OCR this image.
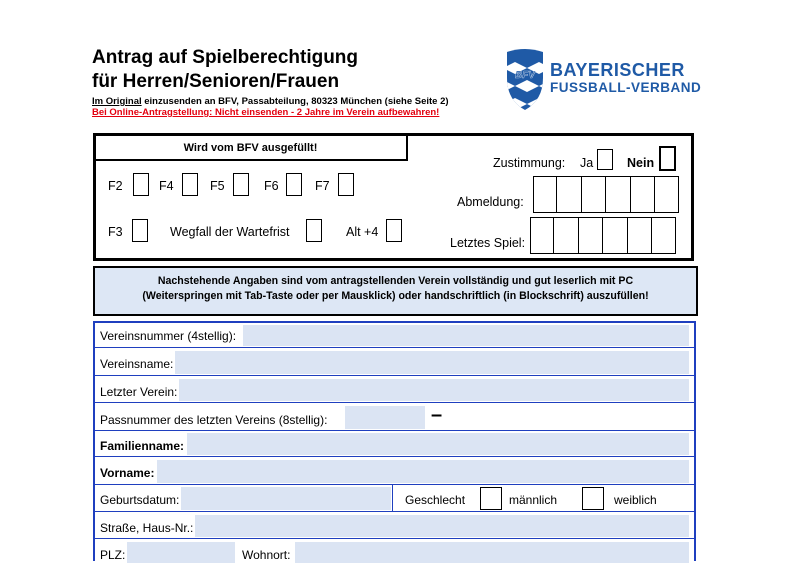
Antrag auf Spielberechtigung
für Herren/Senioren/Frauen
Im Original einzusenden an BFV, Passabteilung, 80323 München (siehe Seite 2)
Bei Online-Antragstellung: Nicht einsenden - 2 Jahre im Verein aufbewahren!
BFV BAYERISCHER
FUSSBALL-VERBAND
Wird vom BFV ausgefüllt!
F2	F4	F5	F6	F7
F3	Wegfall der Wartefrist	Alt +4
Zustimmung: Ja	Nein
Abmeldung:
Letztes Spiel:
Nachstehende Angaben sind vom antragstellenden Verein vollständig und gut leserlich mit PC
(Weiterspringen mit Tab-Taste oder per Mausklick) oder handschriftlich (in Blockschrift) auszufüllen!
Vereinsnummer (4stellig):
Vereinsname:
Letzter Verein:
Passnummer des letzten Vereins (8stellig):	–
Familienname:
Vorname:
Geburtsdatum:	Geschlecht	männlich	weiblich
Straße, Haus-Nr.:
PLZ:	Wohnort:
